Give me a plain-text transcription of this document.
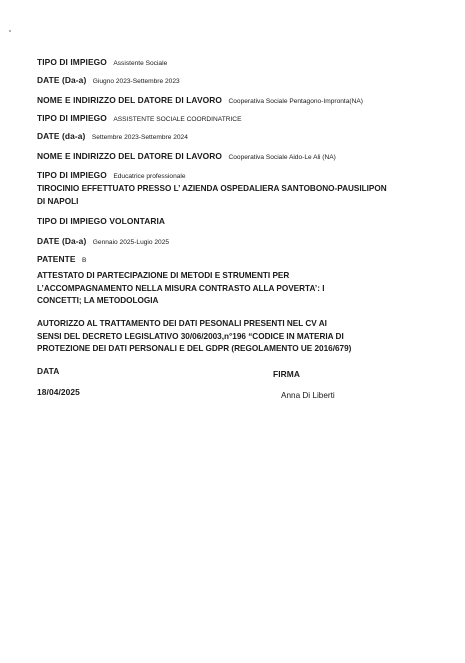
TIPO DI IMPIEGO Assistente Sociale
DATE (Da-a) Giugno 2023-Settembre 2023
NOME E INDIRIZZO DEL DATORE DI LAVORO Cooperativa Sociale Pentagono-Impronta(NA)
TIPO DI IMPIEGO ASSISTENTE SOCIALE COORDINATRICE
DATE (da-a) Settembre 2023-Settembre 2024
NOME E INDIRIZZO DEL DATORE DI LAVORO Cooperativa Sociale Aido-Le Ali (NA)
TIPO DI IMPIEGO Educatrice professionale
TIROCINIO EFFETTUATO PRESSO L’ AZIENDA OSPEDALIERA SANTOBONO-PAUSILIPON
DI NAPOLI
TIPO DI IMPIEGO VOLONTARIA
DATE (Da-a) Gennaio 2025-Lugio 2025
PATENTE B
ATTESTATO DI PARTECIPAZIONE DI METODI E STRUMENTI PER
L’ACCOMPAGNAMENTO NELLA MISURA CONTRASTO ALLA POVERTA’: I
CONCETTI; LA METODOLOGIA
AUTORIZZO AL TRATTAMENTO DEI DATI PESONALI PRESENTI NEL CV AI
SENSI DEL DECRETO LEGISLATIVO 30/06/2003,n°196 “CODICE IN MATERIA DI
PROTEZIONE DEI DATI PERSONALI E DEL GDPR (REGOLAMENTO UE 2016/679)
DATA
18/04/2025
FIRMA
Anna Di Liberti
